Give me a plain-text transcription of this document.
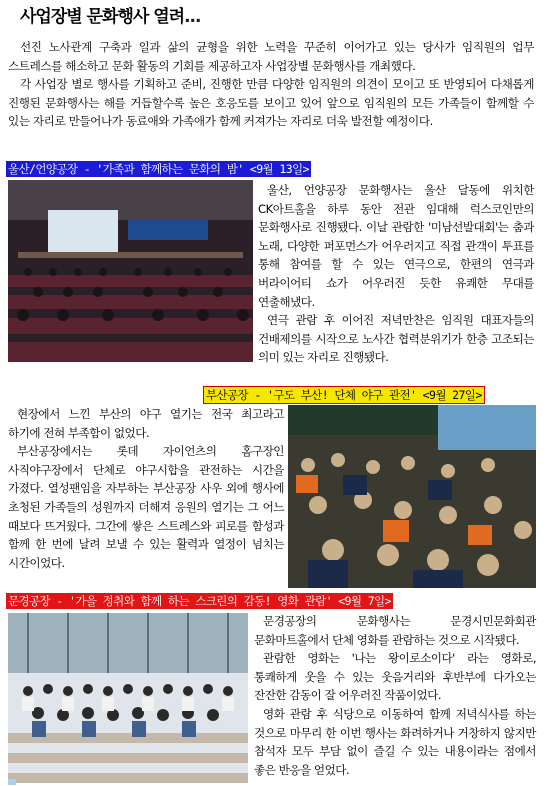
사업장별 문화행사 열려...

선진 노사관계 구축과 일과 삶의 균형을 위한 노력을 꾸준히 이어가고 있는 당사가 임직원의 업무 스트레스를 해소하고 문화 활동의 기회를 제공하고자 사업장별 문화행사를 개최했다.

각 사업장 별로 행사를 기획하고 준비, 진행한 만큼 다양한 임직원의 의견이 모이고 또 반영되어 다채롭게 진행된 문화행사는 해를 거듭할수록 높은 호응도를 보이고 있어 앞으로 임직원의 모든 가족들이 함께할 수 있는 자리로 만들어나가 동료애와 가족애가 함께 커져가는 자리로 더욱 발전할 예정이다.

울산/언양공장 - '가족과 함께하는 문화의 밤' <9월 13일>

울산, 언양공장 문화행사는 울산 달동에 위치한 CK아트홀을 하루 동안 전관 임대해 럭스코인만의 문화행사로 진행됐다. 이날 관람한 '미남선발대회'는 춤과 노래, 다양한 퍼포먼스가 어우러지고 직접 관객이 투표를 통해 참여를 할 수 있는 연극으로, 한편의 연극과 버라이어티 쇼가 어우러진 듯한 유쾌한 무대를 연출해냈다.

연극 관람 후 이어진 저녁만찬은 임직원 대표자들의 건배제의를 시작으로 노사간 협력분위기가 한층 고조되는 의미 있는 자리로 진행됐다.

부산공장 - '구도 부산! 단체 야구 관전' <9월 27일>

현장에서 느낀 부산의 야구 열기는 전국 최고라고 하기에 전혀 부족함이 없었다.

부산공장에서는 롯데 자이언츠의 홈구장인 사직야구장에서 단체로 야구시합을 관전하는 시간을 가졌다. 열성팬임을 자부하는 부산공장 사우 외에 행사에 초청된 가족들의 성원까지 더해져 응원의 열기는 그 어느 때보다 뜨거웠다. 그간에 쌓은 스트레스와 피로를 함성과 함께 한 번에 날려 보낼 수 있는 활력과 열정이 넘치는 시간이었다.

문경공장 - '가을 정취와 함께 하는 스크린의 감동! 영화 관람' <9월 7일>

문경공장의 문화행사는 문경시민문화회관 문화마트홀에서 단체 영화를 관람하는 것으로 시작됐다.

관람한 영화는 '나는 왕이로소이다' 라는 영화로, 통쾌하게 웃을 수 있는 웃음거리와 후반부에 다가오는 잔잔한 감동이 잘 어우러진 작품이었다.

영화 관람 후 식당으로 이동하여 함께 저녁식사를 하는 것으로 마무리 한 이번 행사는 화려하거나 거창하지 않지만 참석자 모두 부담 없이 즐길 수 있는 내용이라는 점에서 좋은 반응을 얻었다.
